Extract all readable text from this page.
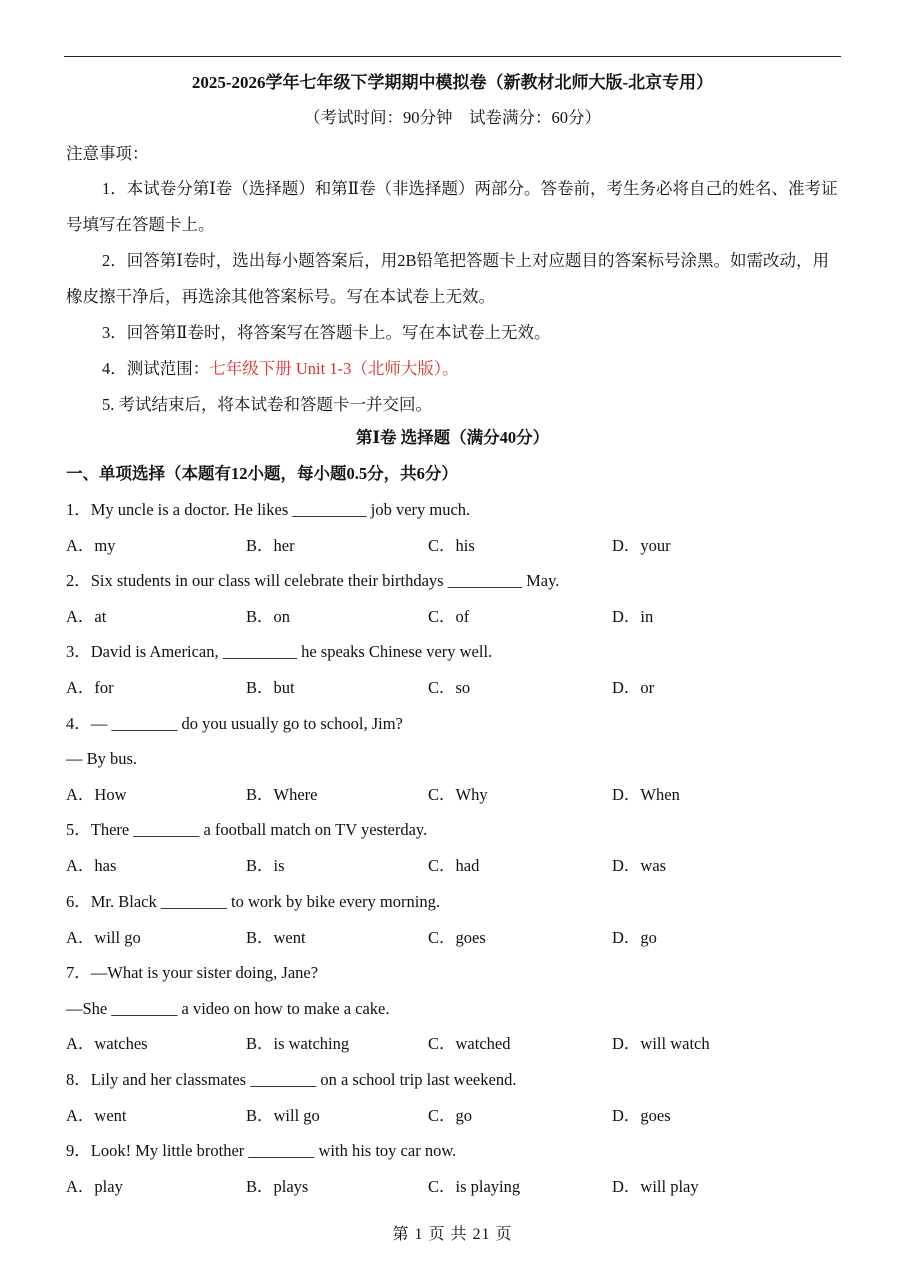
2025-2026学年七年级下学期期中模拟卷（新教材北师大版-北京专用）
（考试时间：90分钟　试卷满分：60分）
注意事项：
1．本试卷分第Ⅰ卷（选择题）和第Ⅱ卷（非选择题）两部分。答卷前，考生务必将自己的姓名、准考证号填写在答题卡上。
2．回答第Ⅰ卷时，选出每小题答案后，用2B铅笔把答题卡上对应题目的答案标号涂黑。如需改动，用橡皮擦干净后，再选涂其他答案标号。写在本试卷上无效。
3．回答第Ⅱ卷时，将答案写在答题卡上。写在本试卷上无效。
4．测试范围：七年级下册 Unit 1-3（北师大版）。
5. 考试结束后，将本试卷和答题卡一并交回。
第Ⅰ卷 选择题（满分40分）
一、单项选择（本题有12小题，每小题0.5分，共6分）
1．My uncle is a doctor. He likes _________ job very much.
A．my	B．her	C．his	D．your
2．Six students in our class will celebrate their birthdays _________ May.
A．at	B．on	C．of	D．in
3．David is American, _________ he speaks Chinese very well.
A．for	B．but	C．so	D．or
4．— ________ do you usually go to school, Jim?
— By bus.
A．How	B．Where	C．Why	D．When
5．There ________ a football match on TV yesterday.
A．has	B．is	C．had	D．was
6．Mr. Black ________ to work by bike every morning.
A．will go	B．went	C．goes	D．go
7．—What is your sister doing, Jane?
—She ________ a video on how to make a cake.
A．watches	B．is watching	C．watched	D．will watch
8．Lily and her classmates ________ on a school trip last weekend.
A．went	B．will go	C．go	D．goes
9．Look! My little brother ________ with his toy car now.
A．play	B．plays	C．is playing	D．will play
第 1 页 共 21 页
